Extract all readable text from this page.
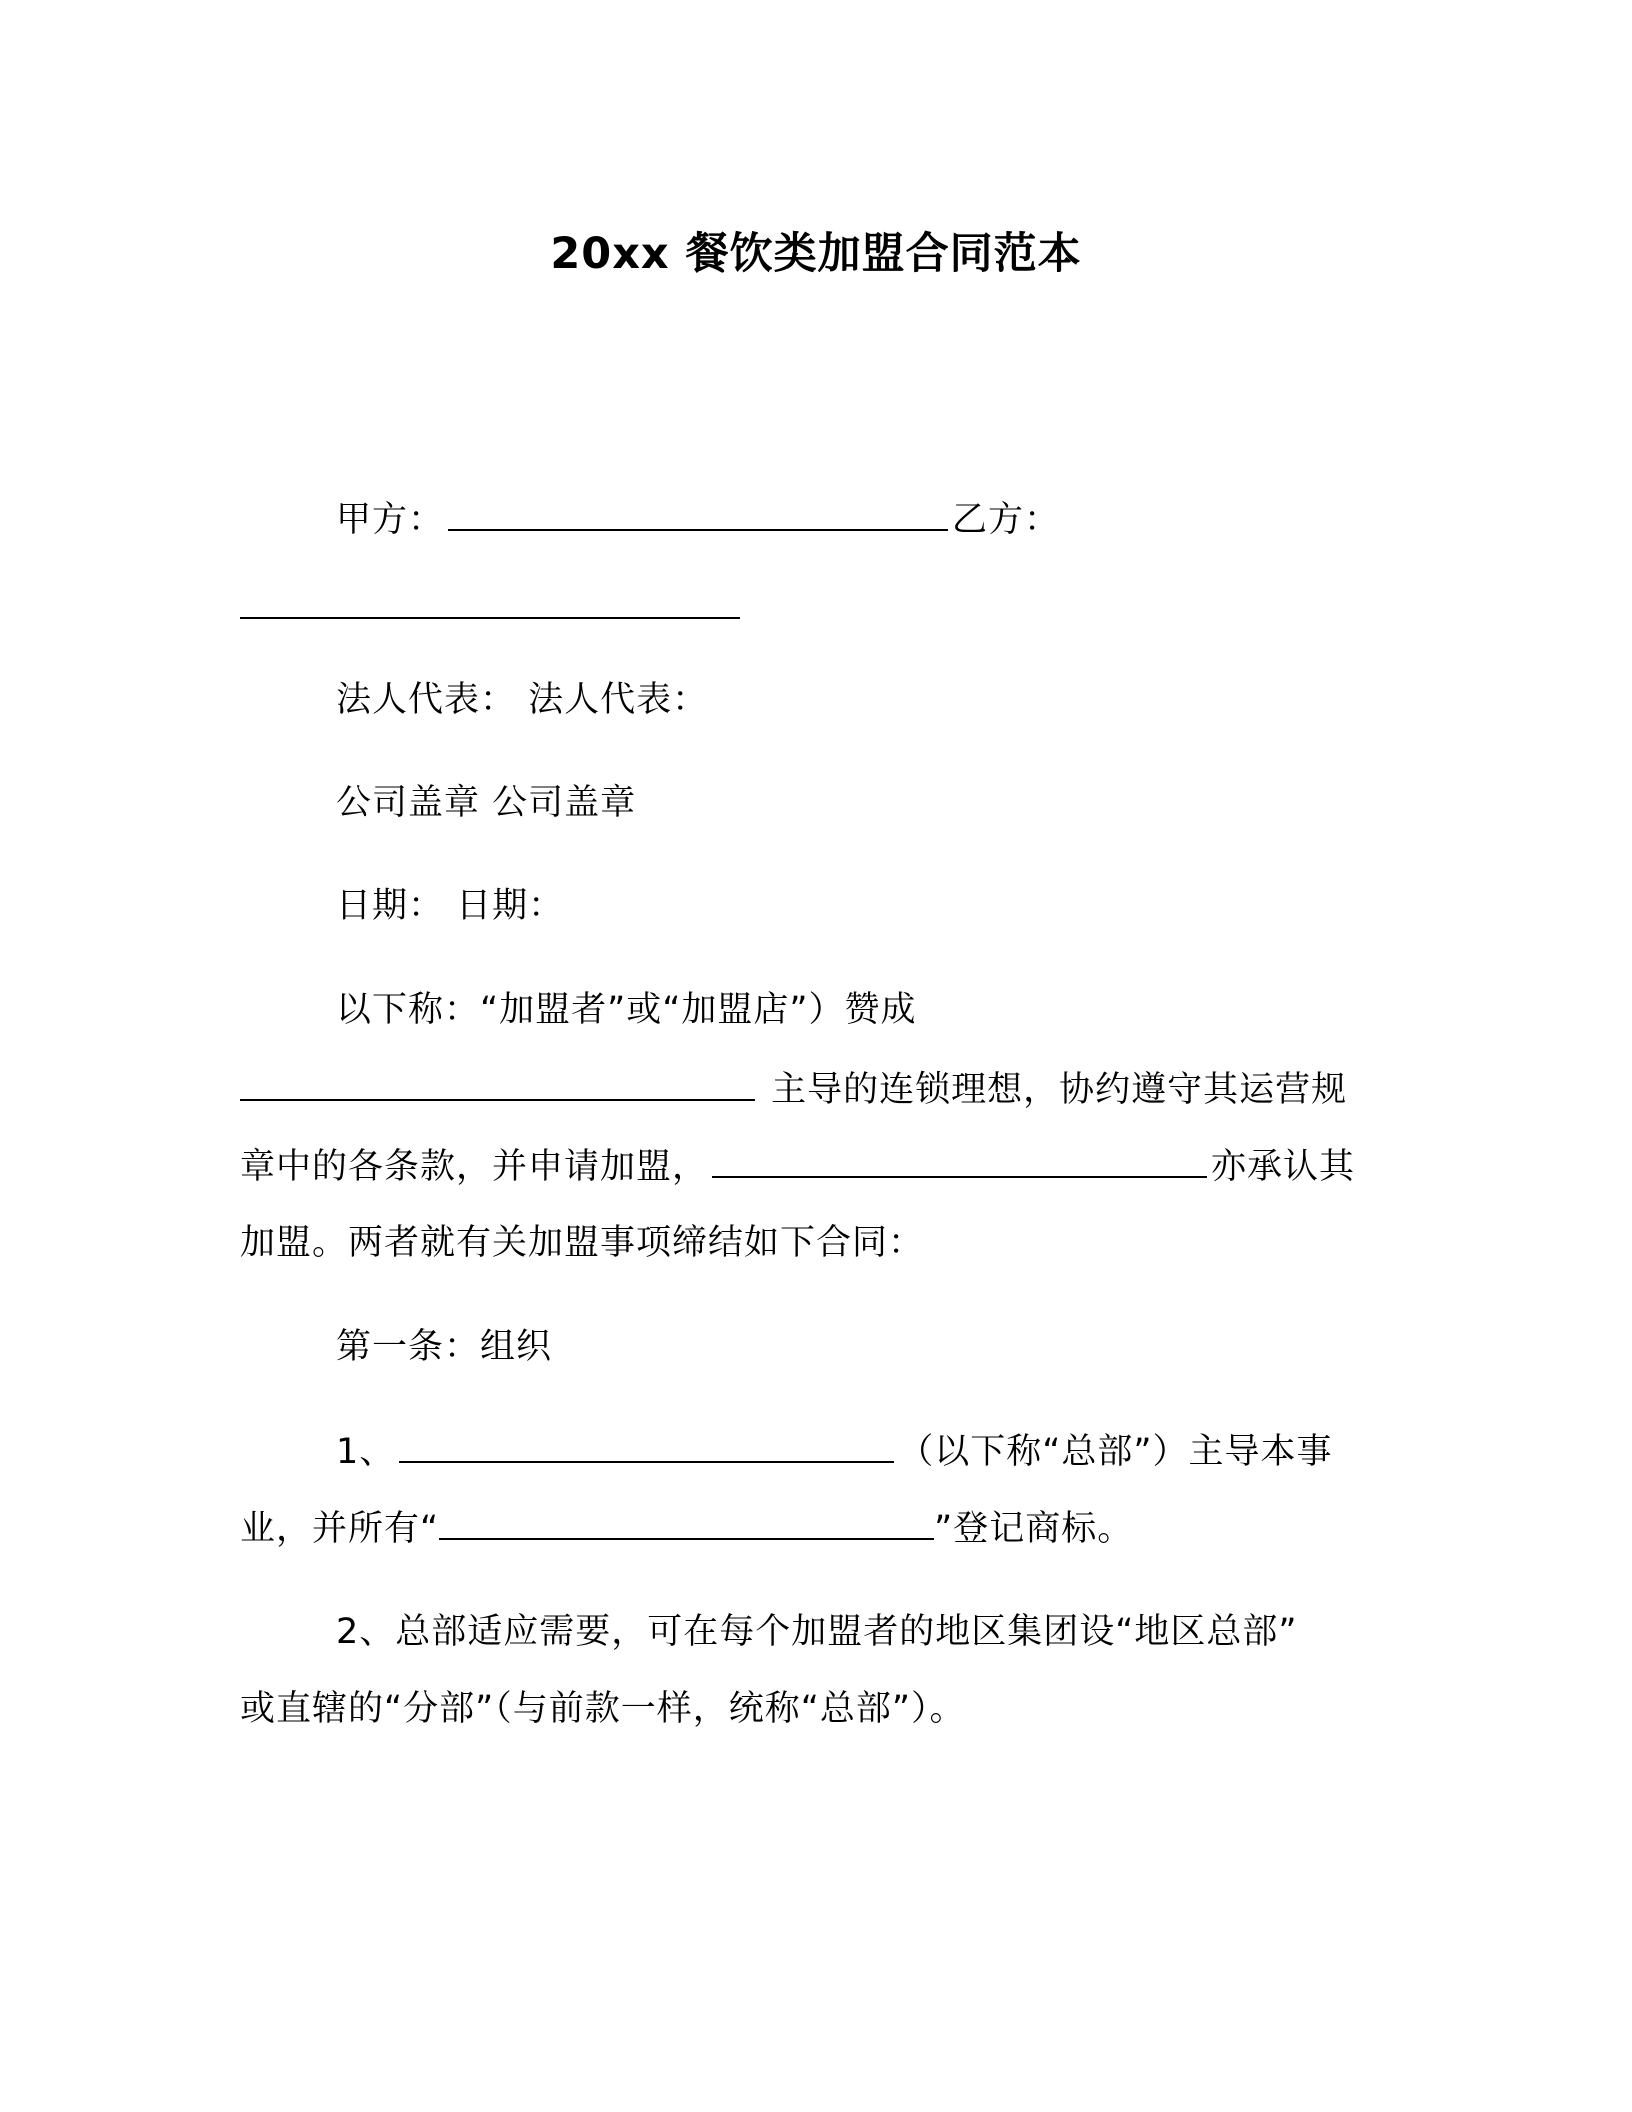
20xx 餐饮类加盟合同范本
甲方：	乙方：
法人代表： 法人代表：
公司盖章 公司盖章
日期： 日期：
以下称：“加盟者”或“加盟店”）赞成
主导的连锁理想，协约遵守其运营规
章中的各条款，并申请加盟，	亦承认其
加盟。两者就有关加盟事项缔结如下合同：
第一条：组织
1、	（以下称“总部”）主导本事
业，并所有“	”登记商标。
2、总部适应需要，可在每个加盟者的地区集团设“地区总部”
或直辖的“分部”（与前款一样，统称“总部”）。
